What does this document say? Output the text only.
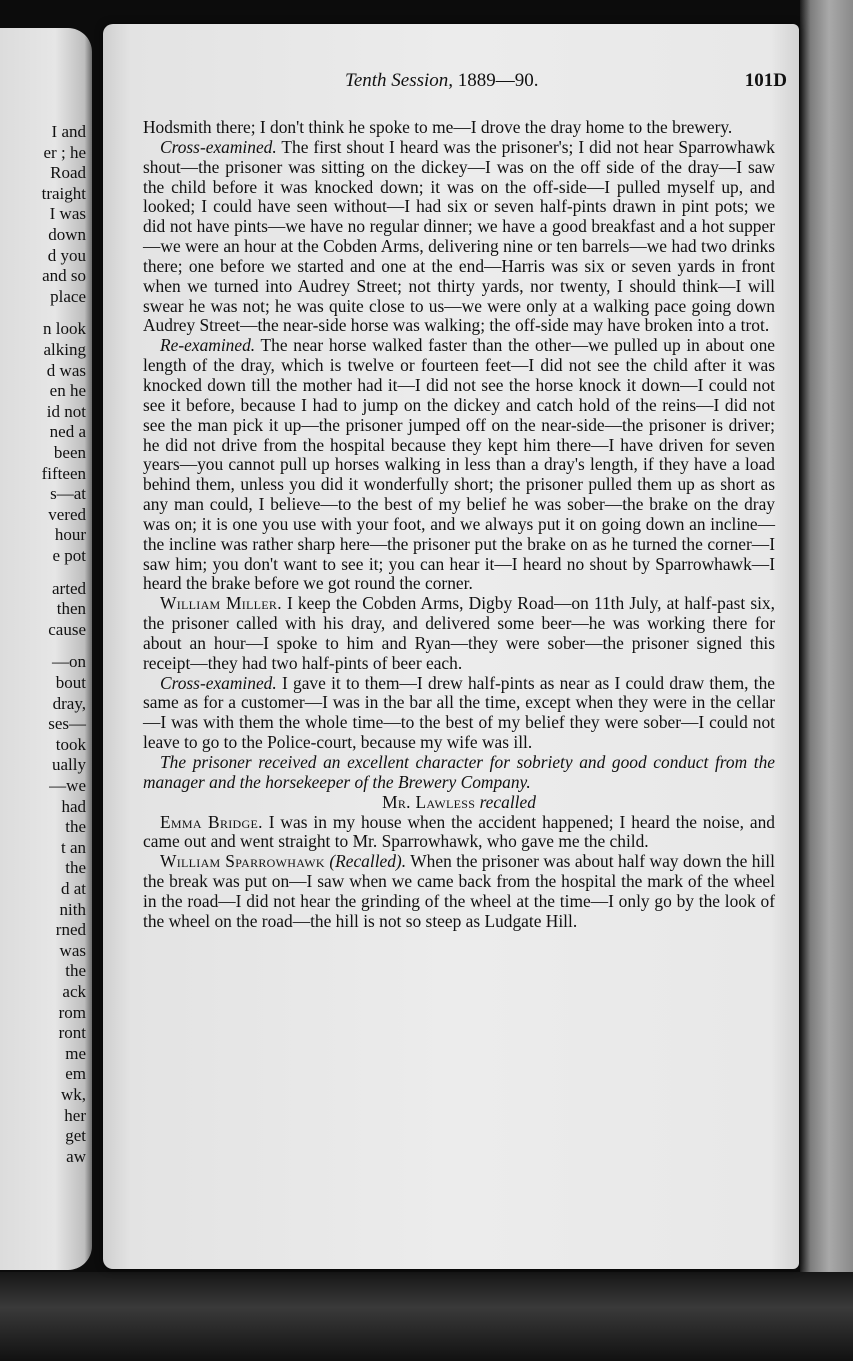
I and
er ; he
Road
traight
I was
down
d you
and so
place
n look
alking
d was
en he
id not
ned a
been
fifteen
s—at
vered
hour
e pot
arted
then
cause
—on
bout
dray,
ses—
took
ually
—we
had
the
t an
the
d at
nith
rned
was
the
ack
rom
ront
me
em
wk,
her
get
aw
Tenth Session, 1889—90.	101D

Hodsmith there; I don't think he spoke to me—I drove the dray home to the brewery.

Cross-examined. The first shout I heard was the prisoner's; I did not hear Sparrowhawk shout—the prisoner was sitting on the dickey—I was on the off side of the dray—I saw the child before it was knocked down; it was on the off-side—I pulled myself up, and looked; I could have seen without—I had six or seven half-pints drawn in pint pots; we did not have pints—we have no regular dinner; we have a good breakfast and a hot supper—we were an hour at the Cobden Arms, delivering nine or ten barrels—we had two drinks there; one before we started and one at the end—Harris was six or seven yards in front when we turned into Audrey Street; not thirty yards, nor twenty, I should think—I will swear he was not; he was quite close to us—we were only at a walking pace going down Audrey Street—the near-side horse was walking; the off-side may have broken into a trot.

Re-examined. The near horse walked faster than the other—we pulled up in about one length of the dray, which is twelve or fourteen feet—I did not see the child after it was knocked down till the mother had it—I did not see the horse knock it down—I could not see it before, because I had to jump on the dickey and catch hold of the reins—I did not see the man pick it up—the prisoner jumped off on the near-side—the prisoner is driver; he did not drive from the hospital because they kept him there—I have driven for seven years—you cannot pull up horses walking in less than a dray's length, if they have a load behind them, unless you did it wonderfully short; the prisoner pulled them up as short as any man could, I believe—to the best of my belief he was sober—the brake on the dray was on; it is one you use with your foot, and we always put it on going down an incline—the incline was rather sharp here—the prisoner put the brake on as he turned the corner—I saw him; you don't want to see it; you can hear it—I heard no shout by Sparrowhawk—I heard the brake before we got round the corner.

William Miller. I keep the Cobden Arms, Digby Road—on 11th July, at half-past six, the prisoner called with his dray, and delivered some beer—he was working there for about an hour—I spoke to him and Ryan—they were sober—the prisoner signed this receipt—they had two half-pints of beer each.

Cross-examined. I gave it to them—I drew half-pints as near as I could draw them, the same as for a customer—I was in the bar all the time, except when they were in the cellar—I was with them the whole time—to the best of my belief they were sober—I could not leave to go to the Police-court, because my wife was ill.

The prisoner received an excellent character for sobriety and good conduct from the manager and the horsekeeper of the Brewery Company.

Mr. Lawless recalled

Emma Bridge. I was in my house when the accident happened; I heard the noise, and came out and went straight to Mr. Sparrowhawk, who gave me the child.

William Sparrowhawk (Recalled). When the prisoner was about half way down the hill the break was put on—I saw when we came back from the hospital the mark of the wheel in the road—I did not hear the grinding of the wheel at the time—I only go by the look of the wheel on the road—the hill is not so steep as Ludgate Hill.
